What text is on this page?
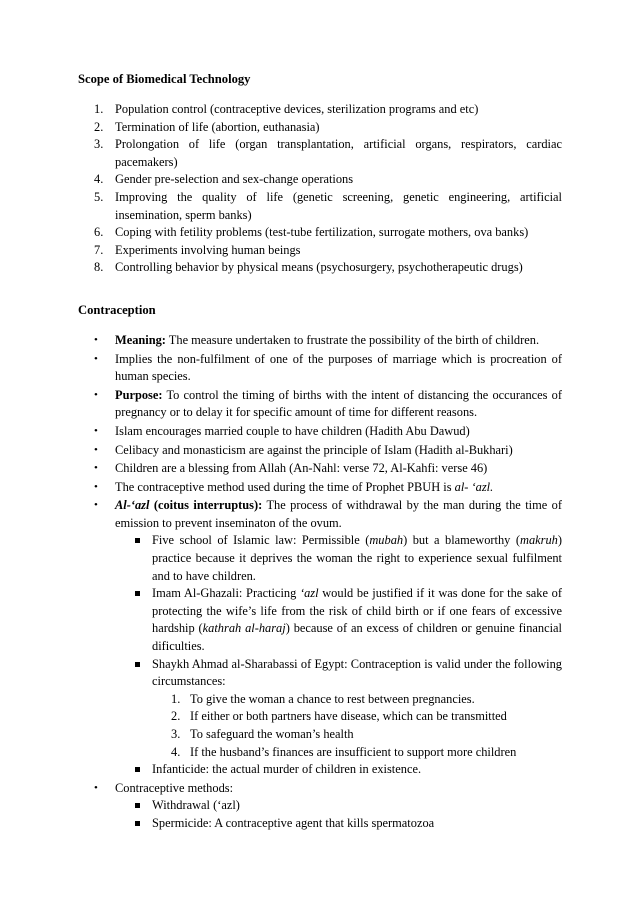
Scope of Biomedical Technology
1. Population control (contraceptive devices, sterilization programs and etc)
2. Termination of life (abortion, euthanasia)
3. Prolongation of life (organ transplantation, artificial organs, respirators, cardiac pacemakers)
4. Gender pre-selection and sex-change operations
5. Improving the quality of life (genetic screening, genetic engineering, artificial insemination, sperm banks)
6. Coping with fetility problems (test-tube fertilization, surrogate mothers, ova banks)
7. Experiments involving human beings
8. Controlling behavior by physical means (psychosurgery, psychotherapeutic drugs)
Contraception
• Meaning: The measure undertaken to frustrate the possibility of the birth of children.
• Implies the non-fulfilment of one of the purposes of marriage which is procreation of human species.
• Purpose: To control the timing of births with the intent of distancing the occurances of pregnancy or to delay it for specific amount of time for different reasons.
• Islam encourages married couple to have children (Hadith Abu Dawud)
• Celibacy and monasticism are against the principle of Islam (Hadith al-Bukhari)
• Children are a blessing from Allah (An-Nahl: verse 72, Al-Kahfi: verse 46)
• The contraceptive method used during the time of Prophet PBUH is al- ‘azl.
• Al-‘azl (coitus interruptus): The process of withdrawal by the man during the time of emission to prevent inseminaton of the ovum.
Five school of Islamic law: Permissible (mubah) but a blameworthy (makruh) practice because it deprives the woman the right to experience sexual fulfilment and to have children.
Imam Al-Ghazali: Practicing ‘azl would be justified if it was done for the sake of protecting the wife’s life from the risk of child birth or if one fears of excessive hardship (kathrah al-haraj) because of an excess of children or genuine financial dificulties.
Shaykh Ahmad al-Sharabassi of Egypt: Contraception is valid under the following circumstances:
1. To give the woman a chance to rest between pregnancies.
2. If either or both partners have disease, which can be transmitted
3. To safeguard the woman’s health
4. If the husband’s finances are insufficient to support more children
Infanticide: the actual murder of children in existence.
• Contraceptive methods:
Withdrawal (‘azl)
Spermicide: A contraceptive agent that kills spermatozoa
